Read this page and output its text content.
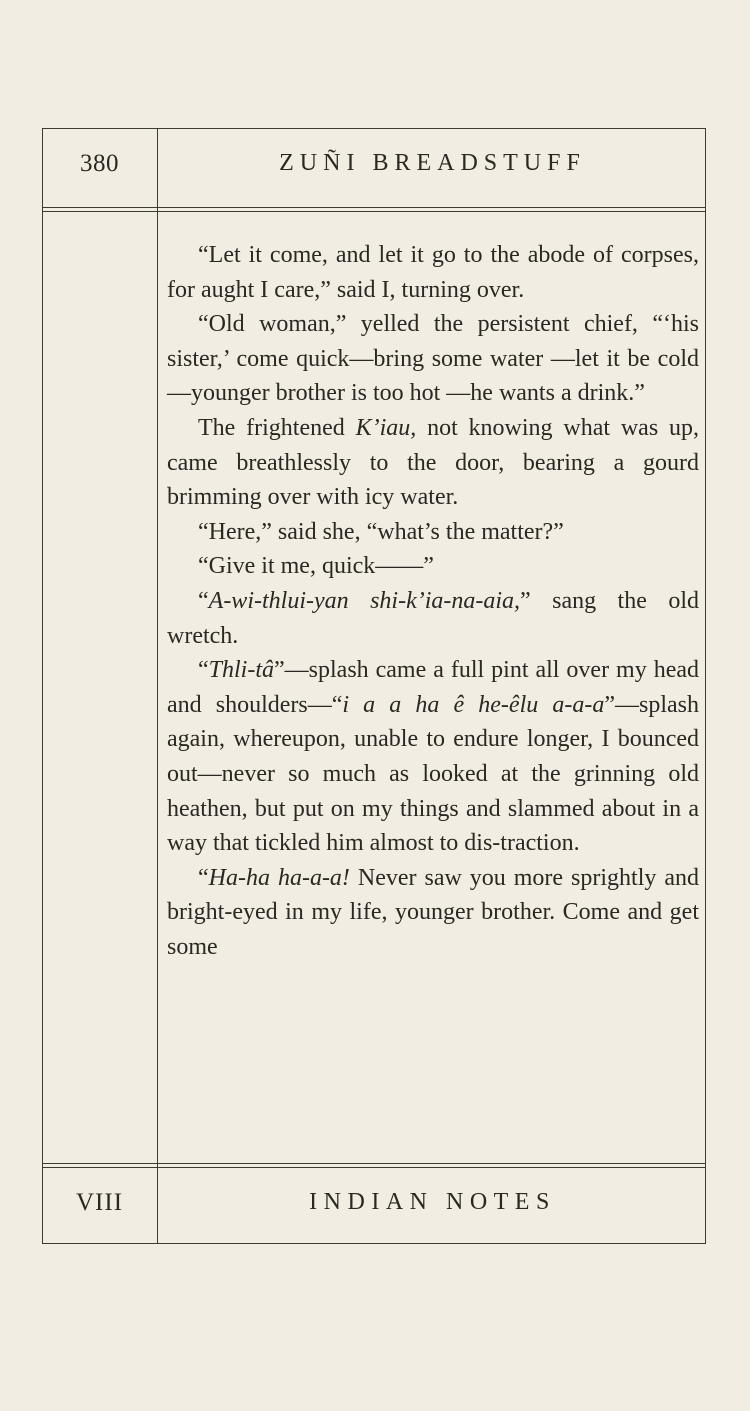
380	ZUÑI BREADSTUFF

“Let it come, and let it go to the abode of corpses, for aught I care,” said I, turning over.

“Old woman,” yelled the persistent chief, “‘his sister,’ come quick—bring some water —let it be cold—younger brother is too hot —he wants a drink.”

The frightened K’iau, not knowing what was up, came breathlessly to the door, bearing a gourd brimming over with icy water.

“Here,” said she, “what’s the matter?”

“Give it me, quick——”

“A-wi-thlui-yan shi-k’ia-na-aia,” sang the old wretch.

“Thli-tâ”—splash came a full pint all over my head and shoulders—“i a a ha ê he-êlu a-a-a”—splash again, whereupon, unable to endure longer, I bounced out—never so much as looked at the grinning old heathen, but put on my things and slammed about in a way that tickled him almost to dis-traction.

“Ha-ha ha-a-a! Never saw you more sprightly and bright-eyed in my life, younger brother. Come and get some

VIII	INDIAN NOTES
